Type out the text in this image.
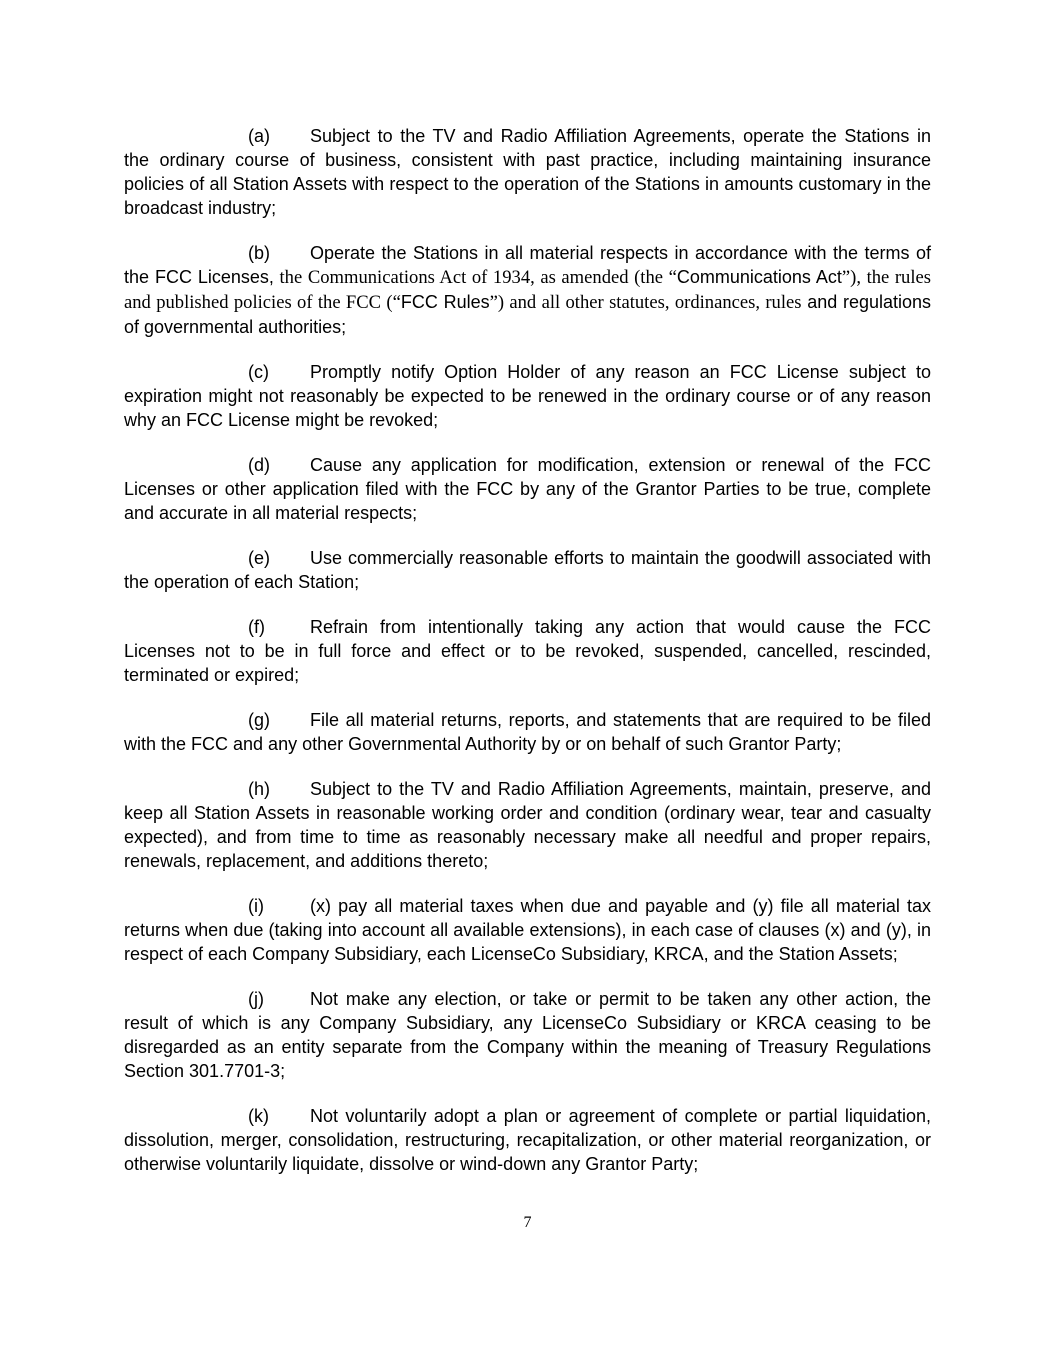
(a) Subject to the TV and Radio Affiliation Agreements, operate the Stations in the ordinary course of business, consistent with past practice, including maintaining insurance policies of all Station Assets with respect to the operation of the Stations in amounts customary in the broadcast industry;

(b) Operate the Stations in all material respects in accordance with the terms of the FCC Licenses, the Communications Act of 1934, as amended (the “Communications Act”), the rules and published policies of the FCC (“FCC Rules”) and all other statutes, ordinances, rules and regulations of governmental authorities;

(c) Promptly notify Option Holder of any reason an FCC License subject to expiration might not reasonably be expected to be renewed in the ordinary course or of any reason why an FCC License might be revoked;

(d) Cause any application for modification, extension or renewal of the FCC Licenses or other application filed with the FCC by any of the Grantor Parties to be true, complete and accurate in all material respects;

(e) Use commercially reasonable efforts to maintain the goodwill associated with the operation of each Station;

(f)	Refrain from intentionally taking any action that would cause the FCC Licenses not to be in full force and effect or to be revoked, suspended, cancelled, rescinded, terminated or expired;

(g) File all material returns, reports, and statements that are required to be filed with the FCC and any other Governmental Authority by or on behalf of such Grantor Party;

(h) Subject to the TV and Radio Affiliation Agreements, maintain, preserve, and keep all Station Assets in reasonable working order and condition (ordinary wear, tear and casualty expected), and from time to time as reasonably necessary make all needful and proper repairs, renewals, replacement, and additions thereto;

(i)	(x) pay all material taxes when due and payable and (y) file all material tax returns when due (taking into account all available extensions), in each case of clauses (x) and (y), in respect of each Company Subsidiary, each LicenseCo Subsidiary, KRCA, and the Station Assets;

(j)	Not make any election, or take or permit to be taken any other action, the result of which is any Company Subsidiary, any LicenseCo Subsidiary or KRCA ceasing to be disregarded as an entity separate from the Company within the meaning of Treasury Regulations Section 301.7701-3;

(k) Not voluntarily adopt a plan or agreement of complete or partial liquidation, dissolution, merger, consolidation, restructuring, recapitalization, or other material reorganization, or otherwise voluntarily liquidate, dissolve or wind-down any Grantor Party;

7
